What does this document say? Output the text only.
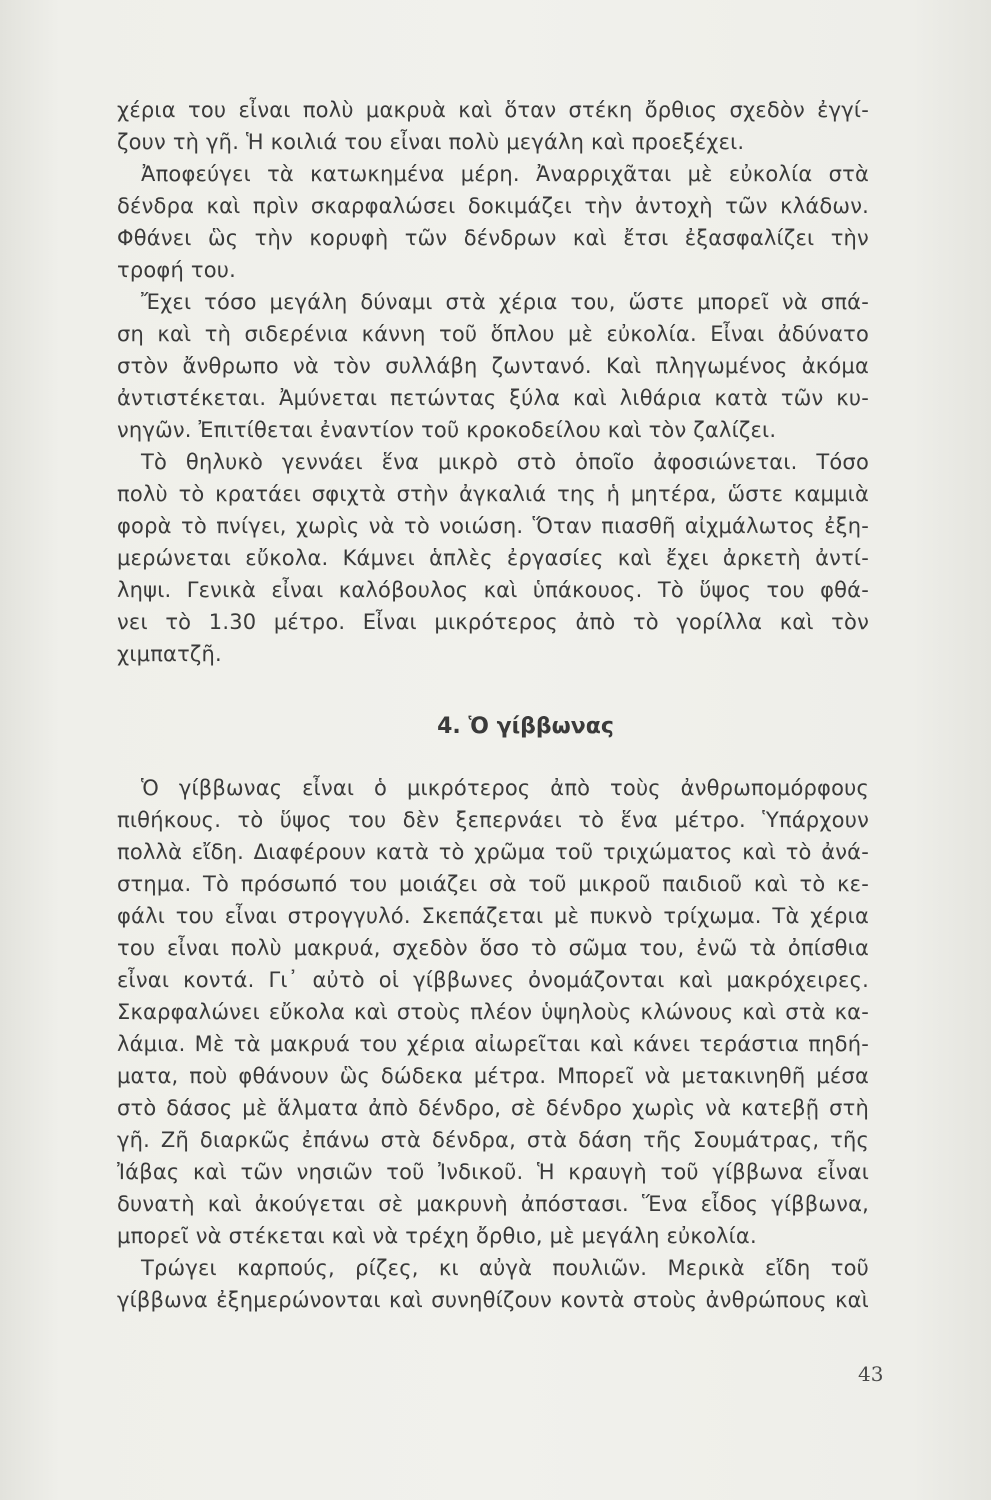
χέρια του εἶναι πολὺ μακρυὰ καὶ ὅταν στέκη ὄρθιος σχεδὸν ἐγγί-
ζουν τὴ γῆ. Ἡ κοιλιά του εἶναι πολὺ μεγάλη καὶ προεξέχει.
Ἀποφεύγει τὰ κατωκημένα μέρη. Ἀναρριχᾶται μὲ εὐκολία στὰ
δένδρα καὶ πρὶν σκαρφαλώσει δοκιμάζει τὴν ἀντοχὴ τῶν κλάδων.
Φθάνει ὣς τὴν κορυφὴ τῶν δένδρων καὶ ἔτσι ἐξασφαλίζει τὴν
τροφή του.
Ἔχει τόσο μεγάλη δύναμι στὰ χέρια του, ὥστε μπορεῖ νὰ σπά-
ση καὶ τὴ σιδερένια κάννη τοῦ ὅπλου μὲ εὐκολία. Εἶναι ἀδύνατο
στὸν ἄνθρωπο νὰ τὸν συλλάβη ζωντανό. Καὶ πληγωμένος ἀκόμα
ἀντιστέκεται. Ἀμύνεται πετώντας ξύλα καὶ λιθάρια κατὰ τῶν κυ-
νηγῶν. Ἐπιτίθεται ἐναντίον τοῦ κροκοδείλου καὶ τὸν ζαλίζει.
Τὸ θηλυκὸ γεννάει ἕνα μικρὸ στὸ ὁποῖο ἀφοσιώνεται. Τόσο
πολὺ τὸ κρατάει σφιχτὰ στὴν ἀγκαλιά της ἡ μητέρα, ὥστε καμμιὰ
φορὰ τὸ πνίγει, χωρὶς νὰ τὸ νοιώση. Ὅταν πιασθῆ αἰχμάλωτος ἐξη-
μερώνεται εὔκολα. Κάμνει ἁπλὲς ἐργασίες καὶ ἔχει ἀρκετὴ ἀντί-
ληψι. Γενικὰ εἶναι καλόβουλος καὶ ὑπάκουος. Τὸ ὕψος του φθά-
νει τὸ 1.30 μέτρο. Εἶναι μικρότερος ἀπὸ τὸ γορίλλα καὶ τὸν
χιμπατζῆ.
4. Ὁ γίββωνας
Ὁ γίββωνας εἶναι ὁ μικρότερος ἀπὸ τοὺς ἀνθρωπομόρφους
πιθήκους. τὸ ὕψος του δὲν ξεπερνάει τὸ ἕνα μέτρο. Ὑπάρχουν
πολλὰ εἴδη. Διαφέρουν κατὰ τὸ χρῶμα τοῦ τριχώματος καὶ τὸ ἀνά-
στημα. Τὸ πρόσωπό του μοιάζει σὰ τοῦ μικροῦ παιδιοῦ καὶ τὸ κε-
φάλι του εἶναι στρογγυλό. Σκεπάζεται μὲ πυκνὸ τρίχωμα. Τὰ χέρια
του εἶναι πολὺ μακρυά, σχεδὸν ὅσο τὸ σῶμα του, ἐνῶ τὰ ὀπίσθια
εἶναι κοντά. Γι᾽ αὐτὸ οἱ γίββωνες ὀνομάζονται καὶ μακρόχειρες.
Σκαρφαλώνει εὔκολα καὶ στοὺς πλέον ὑψηλοὺς κλώνους καὶ στὰ κα-
λάμια. Μὲ τὰ μακρυά του χέρια αἰωρεῖται καὶ κάνει τεράστια πηδή-
ματα, ποὺ φθάνουν ὣς δώδεκα μέτρα. Μπορεῖ νὰ μετακινηθῆ μέσα
στὸ δάσος μὲ ἅλματα ἀπὸ δένδρο, σὲ δένδρο χωρὶς νὰ κατεβῇ στὴ
γῆ. Ζῆ διαρκῶς ἐπάνω στὰ δένδρα, στὰ δάση τῆς Σουμάτρας, τῆς
Ἰάβας καὶ τῶν νησιῶν τοῦ Ἰνδικοῦ. Ἡ κραυγὴ τοῦ γίββωνα εἶναι
δυνατὴ καὶ ἀκούγεται σὲ μακρυνὴ ἀπόστασι. Ἕνα εἶδος γίββωνα,
μπορεῖ νὰ στέκεται καὶ νὰ τρέχη ὄρθιο, μὲ μεγάλη εὐκολία.
Τρώγει καρπούς, ρίζες, κι αὐγὰ πουλιῶν. Μερικὰ εἴδη τοῦ
γίββωνα ἐξημερώνονται καὶ συνηθίζουν κοντὰ στοὺς ἀνθρώπους καὶ
43
